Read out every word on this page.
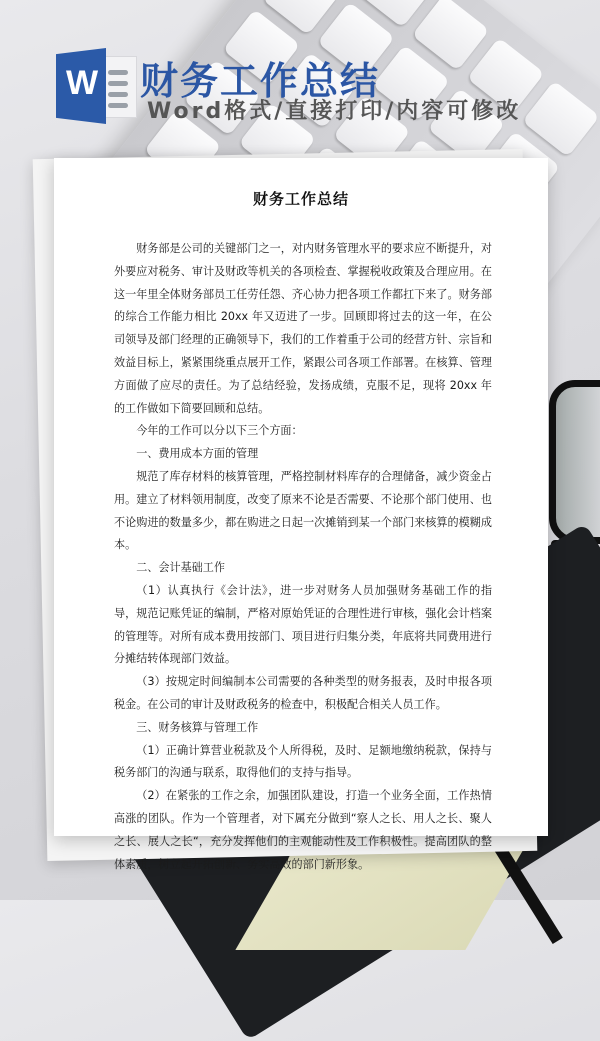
W 财务工作总结
Word格式/直接打印/内容可修改
财务工作总结

财务部是公司的关键部门之一，对内财务管理水平的要求应不断提升，对外要应对税务、审计及财政等机关的各项检查、掌握税收政策及合理应用。在这一年里全体财务部员工任劳任怨、齐心协力把各项工作都扛下来了。财务部的综合工作能力相比 20xx 年又迈进了一步。回顾即将过去的这一年，在公司领导及部门经理的正确领导下，我们的工作着重于公司的经营方针、宗旨和效益目标上，紧紧围绕重点展开工作，紧跟公司各项工作部署。在核算、管理方面做了应尽的责任。为了总结经验，发扬成绩，克服不足，现将 20xx 年的工作做如下简要回顾和总结。

今年的工作可以分以下三个方面：

一、费用成本方面的管理

规范了库存材料的核算管理，严格控制材料库存的合理储备，减少资金占用。建立了材料领用制度，改变了原来不论是否需要、不论那个部门使用、也不论购进的数量多少，都在购进之日起一次摊销到某一个部门来核算的模糊成本。

二、会计基础工作

（1）认真执行《会计法》，进一步对财务人员加强财务基础工作的指导，规范记账凭证的编制，严格对原始凭证的合理性进行审核，强化会计档案的管理等。对所有成本费用按部门、项目进行归集分类，年底将共同费用进行分摊结转体现部门效益。

（3）按规定时间编制本公司需要的各种类型的财务报表，及时申报各项税金。在公司的审计及财政税务的检查中，积极配合相关人员工作。

三、财务核算与管理工作

（1）正确计算营业税款及个人所得税，及时、足额地缴纳税款，保持与税务部门的沟通与联系，取得他们的支持与指导。

（2）在紧张的工作之余，加强团队建设，打造一个业务全面，工作热情高涨的团队。作为一个管理者，对下属充分做到“察人之长、用人之长、聚人之长、展人之长“，充分发挥他们的主观能动性及工作积极性。提高团队的整体素质，树立起开拓创新、务实高效的部门新形象。
